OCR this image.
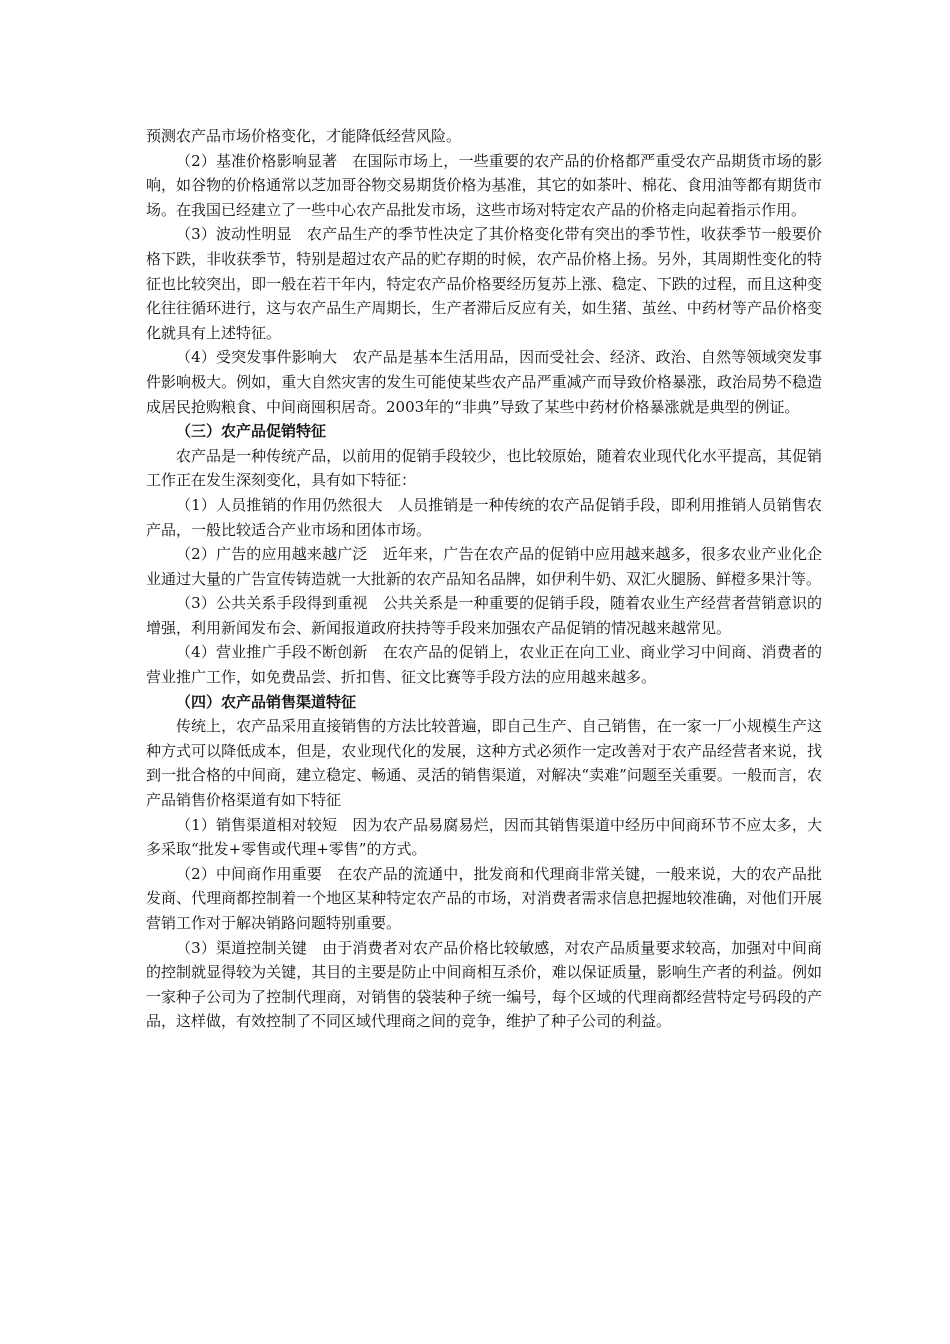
预测农产品市场价格变化，才能降低经营风险。

（2）基准价格影响显著　在国际市场上，一些重要的农产品的价格都严重受农产品期货市场的影响，如谷物的价格通常以芝加哥谷物交易期货价格为基准，其它的如茶叶、棉花、食用油等都有期货市场。在我国已经建立了一些中心农产品批发市场，这些市场对特定农产品的价格走向起着指示作用。

（3）波动性明显　农产品生产的季节性决定了其价格变化带有突出的季节性，收获季节一般要价格下跌，非收获季节，特别是超过农产品的贮存期的时候，农产品价格上扬。另外，其周期性变化的特征也比较突出，即一般在若干年内，特定农产品价格要经历复苏上涨、稳定、下跌的过程，而且这种变化往往循环进行，这与农产品生产周期长，生产者滞后反应有关，如生猪、茧丝、中药材等产品价格变化就具有上述特征。

（4）受突发事件影响大　农产品是基本生活用品，因而受社会、经济、政治、自然等领域突发事件影响极大。例如，重大自然灾害的发生可能使某些农产品严重减产而导致价格暴涨，政治局势不稳造成居民抢购粮食、中间商囤积居奇。2003年的“非典”导致了某些中药材价格暴涨就是典型的例证。

（三）农产品促销特征

农产品是一种传统产品，以前用的促销手段较少，也比较原始，随着农业现代化水平提高，其促销工作正在发生深刻变化，具有如下特征：

（1）人员推销的作用仍然很大　人员推销是一种传统的农产品促销手段，即利用推销人员销售农产品，一般比较适合产业市场和团体市场。

（2）广告的应用越来越广泛　近年来，广告在农产品的促销中应用越来越多，很多农业产业化企业通过大量的广告宣传铸造就一大批新的农产品知名品牌，如伊利牛奶、双汇火腿肠、鲜橙多果汁等。

（3）公共关系手段得到重视　公共关系是一种重要的促销手段，随着农业生产经营者营销意识的增强，利用新闻发布会、新闻报道政府扶持等手段来加强农产品促销的情况越来越常见。

（4）营业推广手段不断创新　在农产品的促销上，农业正在向工业、商业学习中间商、消费者的营业推广工作，如免费品尝、折扣售、征文比赛等手段方法的应用越来越多。

（四）农产品销售渠道特征

传统上，农产品采用直接销售的方法比较普遍，即自己生产、自己销售，在一家一厂小规模生产这种方式可以降低成本，但是，农业现代化的发展，这种方式必须作一定改善对于农产品经营者来说，找到一批合格的中间商，建立稳定、畅通、灵活的销售渠道，对解决“卖难”问题至关重要。一般而言，农产品销售价格渠道有如下特征

（1）销售渠道相对较短　因为农产品易腐易烂，因而其销售渠道中经历中间商环节不应太多，大多采取“批发+零售或代理+零售”的方式。

（2）中间商作用重要　在农产品的流通中，批发商和代理商非常关键，一般来说，大的农产品批发商、代理商都控制着一个地区某种特定农产品的市场，对消费者需求信息把握地较准确，对他们开展营销工作对于解决销路问题特别重要。

（3）渠道控制关键　由于消费者对农产品价格比较敏感，对农产品质量要求较高，加强对中间商的控制就显得较为关键，其目的主要是防止中间商相互杀价，难以保证质量，影响生产者的利益。例如一家种子公司为了控制代理商，对销售的袋装种子统一编号，每个区域的代理商都经营特定号码段的产品，这样做，有效控制了不同区域代理商之间的竞争，维护了种子公司的利益。
